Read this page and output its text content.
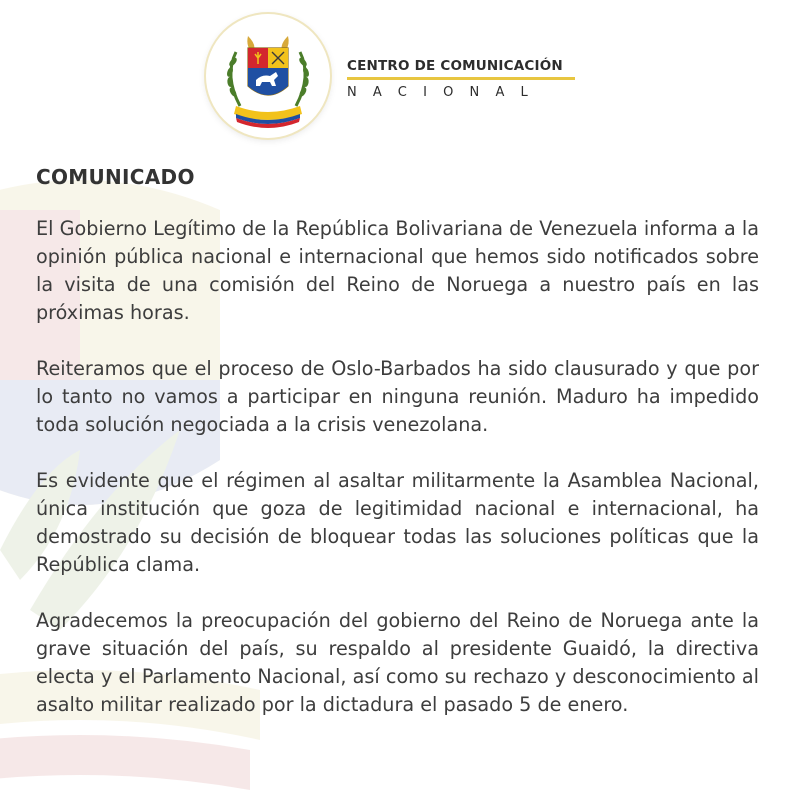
CENTRO DE COMUNICACIÓN
NACIONAL
COMUNICADO

El Gobierno Legítimo de la República Bolivariana de Venezuela informa a la opinión pública nacional e internacional que hemos sido notificados sobre la visita de una comisión del Reino de Noruega a nuestro país en las próximas horas.

Reiteramos que el proceso de Oslo-Barbados ha sido clausurado y que por lo tanto no vamos a participar en ninguna reunión. Maduro ha impedido toda solución negociada a la crisis venezolana.

Es evidente que el régimen al asaltar militarmente la Asamblea Nacional, única institución que goza de legitimidad nacional e internacional, ha demostrado su decisión de bloquear todas las soluciones políticas que la República clama.

Agradecemos la preocupación del gobierno del Reino de Noruega ante la grave situación del país, su respaldo al presidente Guaidó, la directiva electa y el Parlamento Nacional, así como su rechazo y desconocimiento al asalto militar realizado por la dictadura el pasado 5 de enero.
